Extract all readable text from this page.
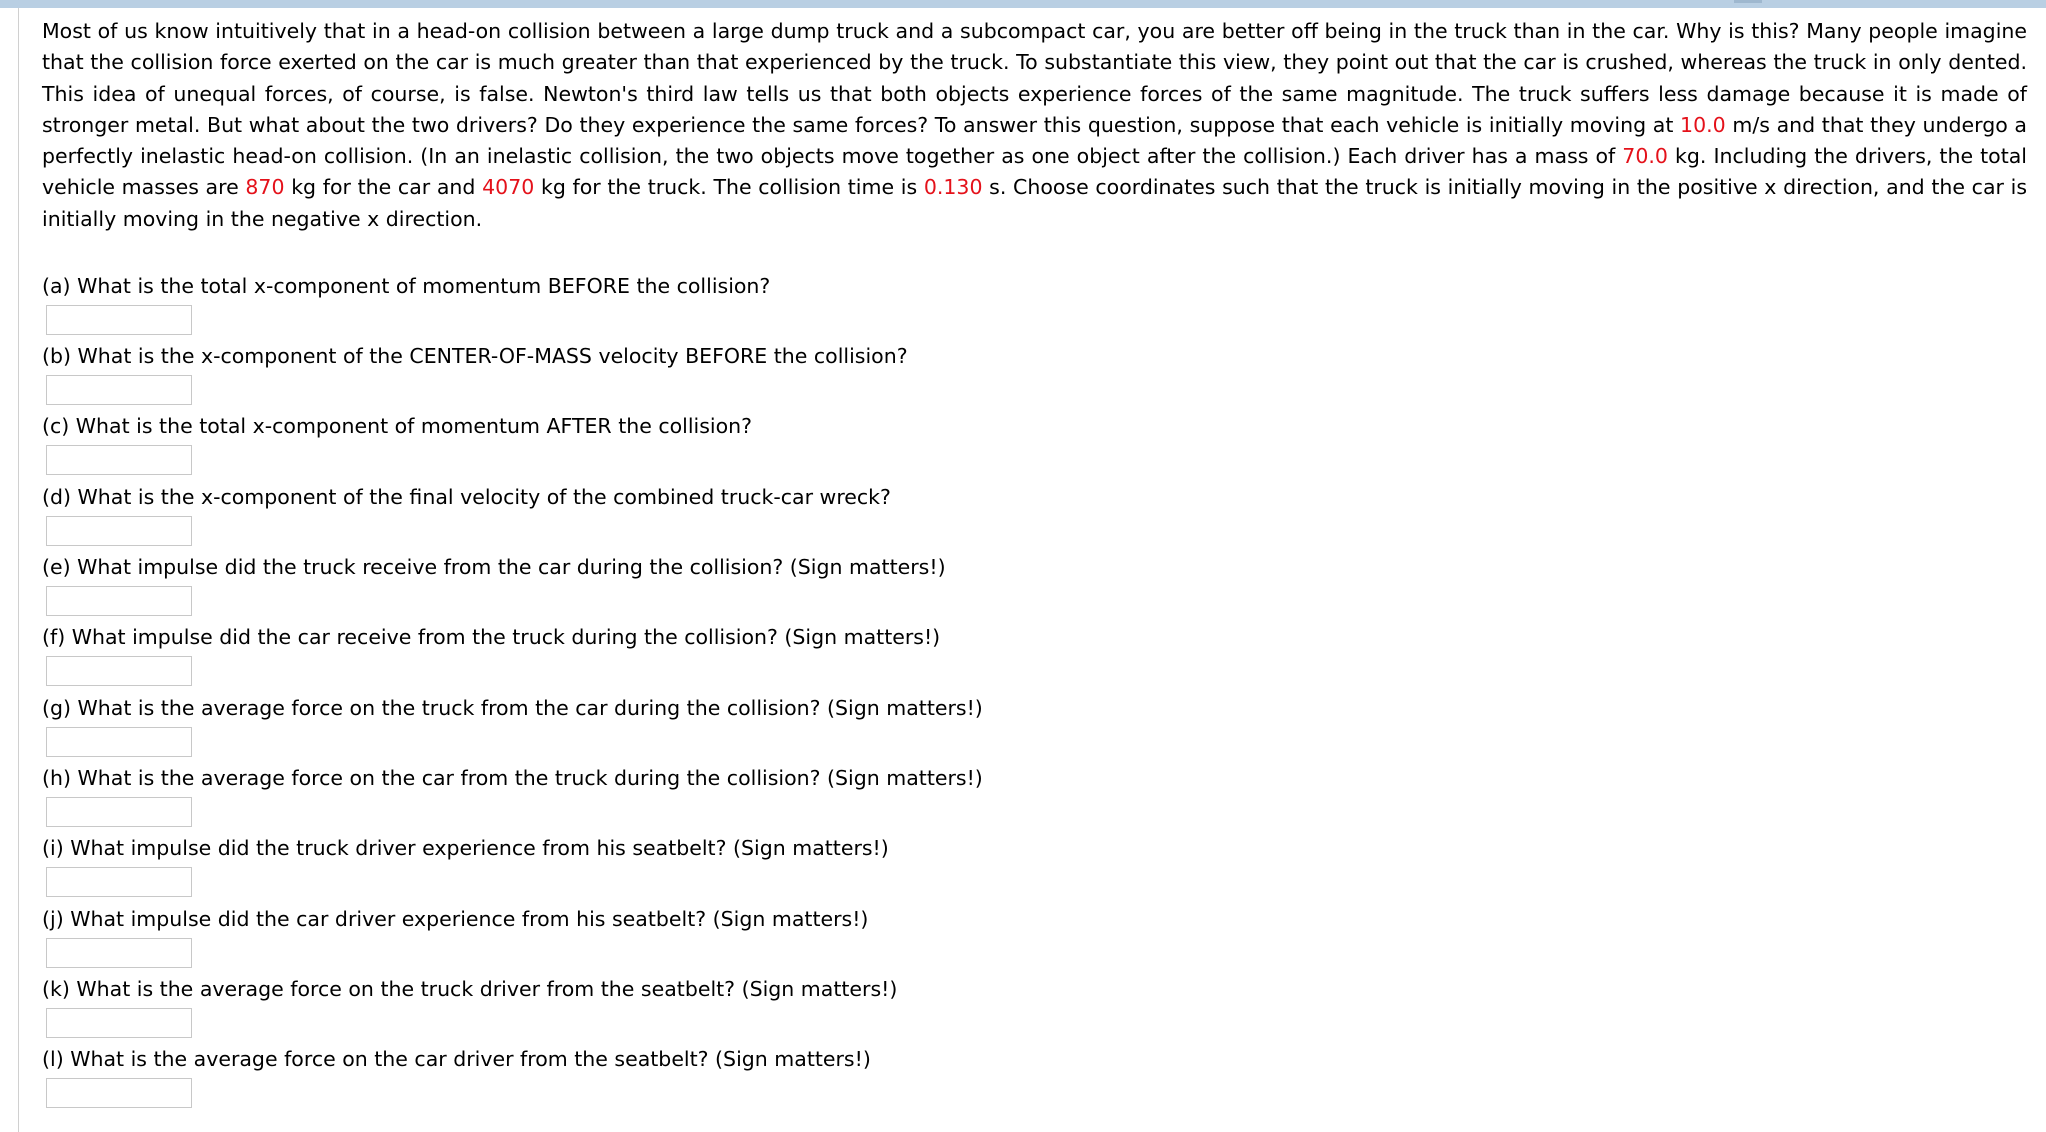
Most of us know intuitively that in a head-on collision between a large dump truck and a subcompact car, you are better off being in the truck than in the car. Why is this? Many people imagine that the collision force exerted on the car is much greater than that experienced by the truck. To substantiate this view, they point out that the car is crushed, whereas the truck in only dented. This idea of unequal forces, of course, is false. Newton's third law tells us that both objects experience forces of the same magnitude. The truck suffers less damage because it is made of stronger metal. But what about the two drivers? Do they experience the same forces? To answer this question, suppose that each vehicle is initially moving at 10.0 m/s and that they undergo a perfectly inelastic head-on collision. (In an inelastic collision, the two objects move together as one object after the collision.) Each driver has a mass of 70.0 kg. Including the drivers, the total vehicle masses are 870 kg for the car and 4070 kg for the truck. The collision time is 0.130 s. Choose coordinates such that the truck is initially moving in the positive x direction, and the car is initially moving in the negative x direction.

(a) What is the total x-component of momentum BEFORE the collision?
(b) What is the x-component of the CENTER-OF-MASS velocity BEFORE the collision?
(c) What is the total x-component of momentum AFTER the collision?
(d) What is the x-component of the final velocity of the combined truck-car wreck?
(e) What impulse did the truck receive from the car during the collision? (Sign matters!)
(f) What impulse did the car receive from the truck during the collision? (Sign matters!)
(g) What is the average force on the truck from the car during the collision? (Sign matters!)
(h) What is the average force on the car from the truck during the collision? (Sign matters!)
(i) What impulse did the truck driver experience from his seatbelt? (Sign matters!)
(j) What impulse did the car driver experience from his seatbelt? (Sign matters!)
(k) What is the average force on the truck driver from the seatbelt? (Sign matters!)
(l) What is the average force on the car driver from the seatbelt? (Sign matters!)
